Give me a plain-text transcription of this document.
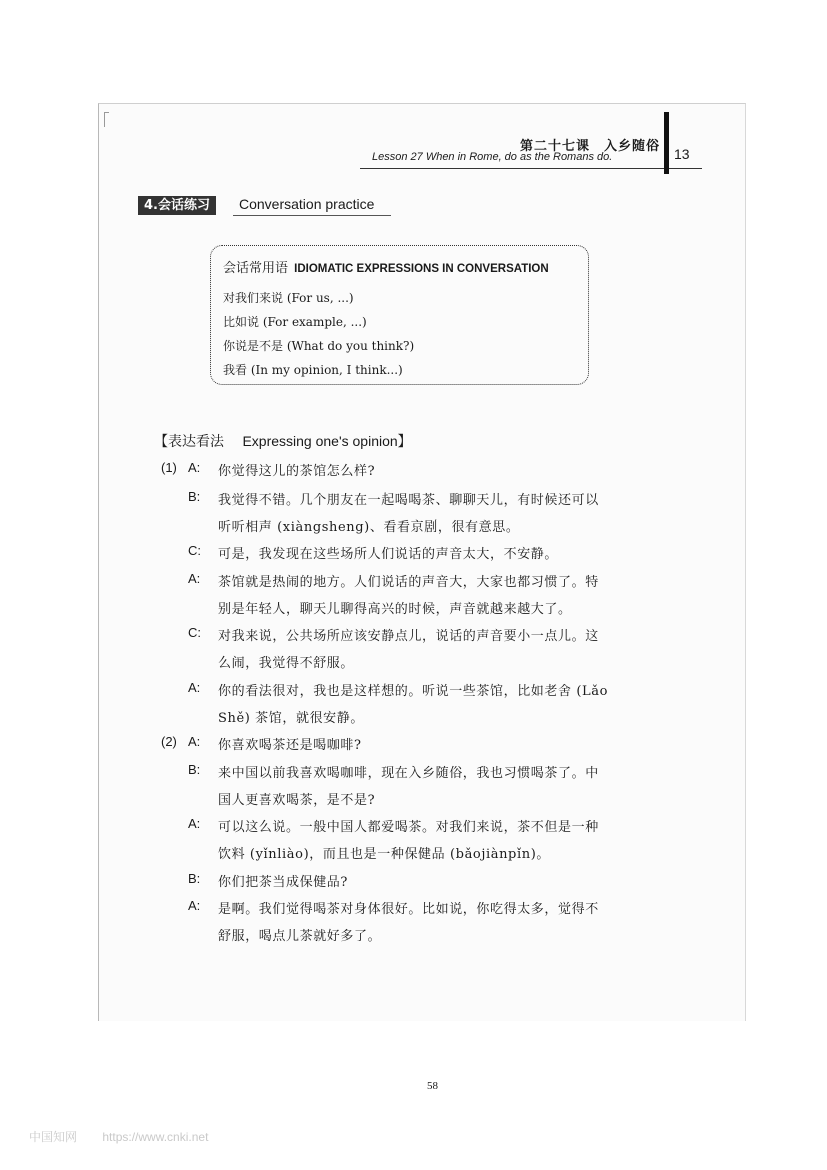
第二十七课　入乡随俗
Lesson 27 When in Rome, do as the Romans do.	13
4.会话练习	Conversation practice
会话常用语 IDIOMATIC EXPRESSIONS IN CONVERSATION
对我们来说 (For us, ...)
比如说 (For example, ...)
你说是不是 (What do you think?)
我看 (In my opinion, I think...)
【表达看法 Expressing one's opinion】
(1) A: 你觉得这儿的茶馆怎么样?
B: 我觉得不错。几个朋友在一起喝喝茶、聊聊天儿，有时候还可以
听听相声 (xiàngsheng)、看看京剧，很有意思。
C: 可是，我发现在这些场所人们说话的声音太大，不安静。
A: 茶馆就是热闹的地方。人们说话的声音大，大家也都习惯了。特
别是年轻人，聊天儿聊得高兴的时候，声音就越来越大了。
C: 对我来说，公共场所应该安静点儿，说话的声音要小一点儿。这
么闹，我觉得不舒服。
A: 你的看法很对，我也是这样想的。听说一些茶馆，比如老舍 (Lǎo
Shě) 茶馆，就很安静。
(2) A: 你喜欢喝茶还是喝咖啡?
B: 来中国以前我喜欢喝咖啡，现在入乡随俗，我也习惯喝茶了。中
国人更喜欢喝茶，是不是?
A: 可以这么说。一般中国人都爱喝茶。对我们来说，茶不但是一种
饮料 (yǐnliào)，而且也是一种保健品 (bǎojiànpǐn)。
B: 你们把茶当成保健品?
A: 是啊。我们觉得喝茶对身体很好。比如说，你吃得太多，觉得不
舒服，喝点儿茶就好多了。
58
中国知网 https://www.cnki.net
